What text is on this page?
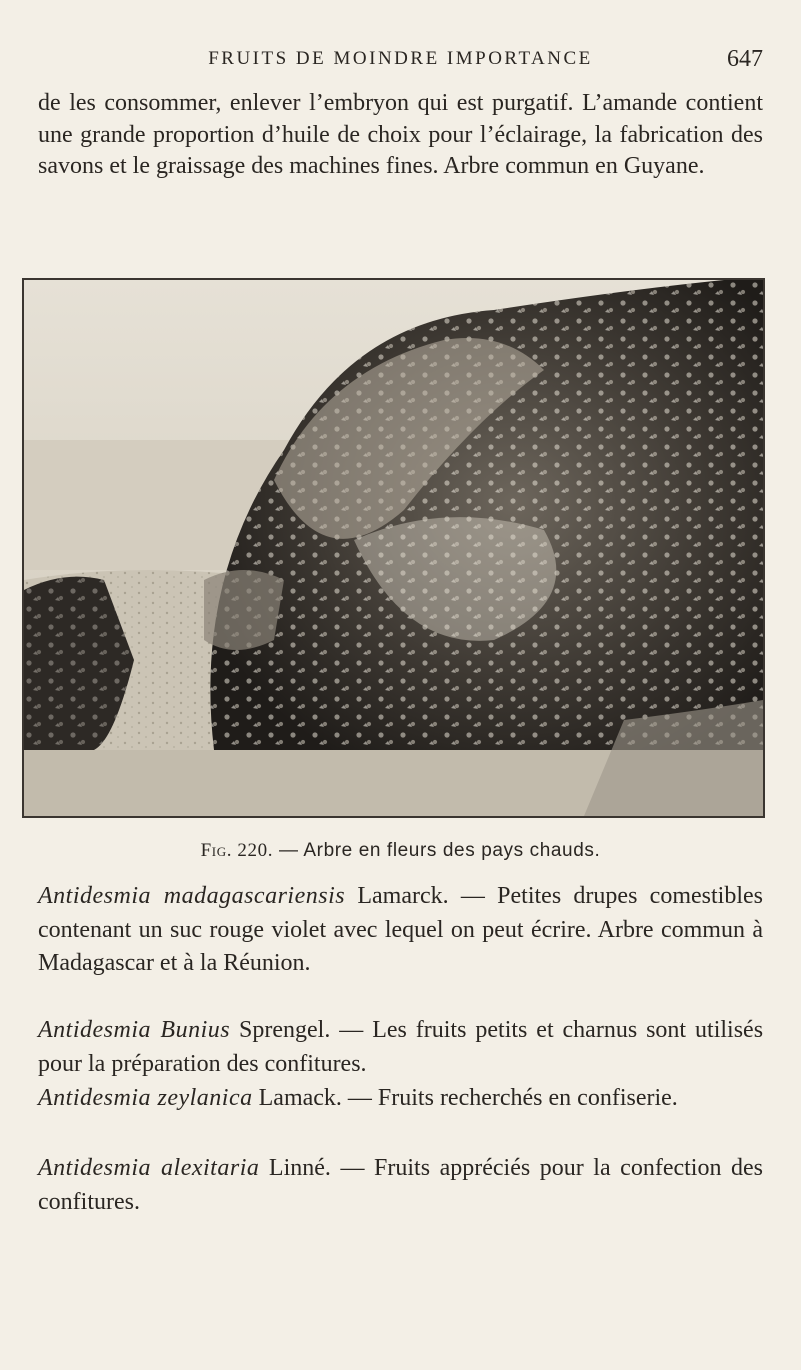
FRUITS DE MOINDRE IMPORTANCE	647

de les consommer, enlever l’embryon qui est purgatif. L’amande contient une grande proportion d’huile de choix pour l’éclairage, la fabrication des savons et le graissage des machines fines. Arbre commun en Guyane.

Fig. 220. — Arbre en fleurs des pays chauds.

Antidesmia madagascariensis Lamarck. — Petites drupes comestibles contenant un suc rouge violet avec lequel on peut écrire. Arbre commun à Madagascar et à la Réunion.

Antidesmia Bunius Sprengel. — Les fruits petits et charnus sont utilisés pour la préparation des confitures.

Antidesmia zeylanica Lamack. — Fruits recherchés en confiserie.

Antidesmia alexitaria Linné. — Fruits appréciés pour la confection des confitures.
